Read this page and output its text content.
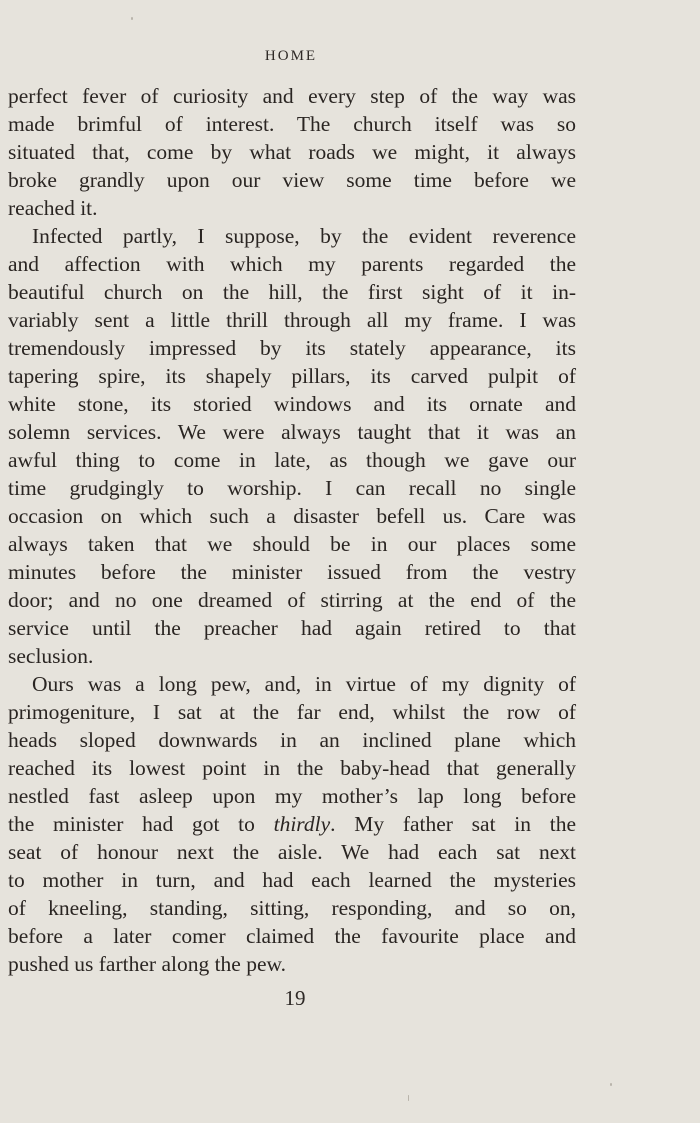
HOME
perfect fever of curiosity and every step of the way was
made brimful of interest. The church itself was so
situated that, come by what roads we might, it always
broke grandly upon our view some time before we
reached it.
Infected partly, I suppose, by the evident reverence
and affection with which my parents regarded the
beautiful church on the hill, the first sight of it in-
variably sent a little thrill through all my frame. I was
tremendously impressed by its stately appearance, its
tapering spire, its shapely pillars, its carved pulpit of
white stone, its storied windows and its ornate and
solemn services. We were always taught that it was an
awful thing to come in late, as though we gave our
time grudgingly to worship. I can recall no single
occasion on which such a disaster befell us. Care was
always taken that we should be in our places some
minutes before the minister issued from the vestry
door; and no one dreamed of stirring at the end of the
service until the preacher had again retired to that
seclusion.
Ours was a long pew, and, in virtue of my dignity of
primogeniture, I sat at the far end, whilst the row of
heads sloped downwards in an inclined plane which
reached its lowest point in the baby-head that generally
nestled fast asleep upon my mother’s lap long before
the minister had got to thirdly. My father sat in the
seat of honour next the aisle. We had each sat next
to mother in turn, and had each learned the mysteries
of kneeling, standing, sitting, responding, and so on,
before a later comer claimed the favourite place and
pushed us farther along the pew.
19
